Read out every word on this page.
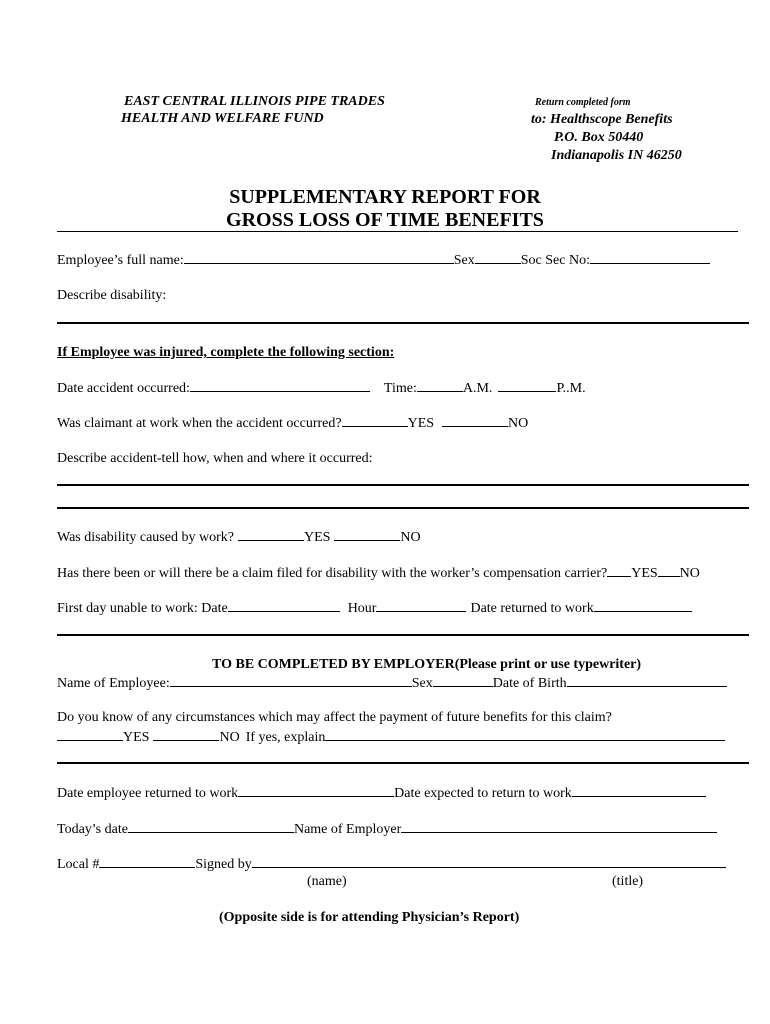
EAST CENTRAL ILLINOIS PIPE TRADES
HEALTH AND WELFARE FUND
Return completed form
to: Healthscope Benefits
P.O. Box 50440
Indianapolis IN 46250
SUPPLEMENTARY REPORT FOR
GROSS LOSS OF TIME BENEFITS
Employee’s full name:	Sex	Soc Sec No:
Describe disability:
If Employee was injured, complete the following section:
Date accident occurred:	Time:	A.M.	P..M.
Was claimant at work when the accident occurred?	YES	NO
Describe accident-tell how, when and where it occurred:
Was disability caused by work?	YES	NO
Has there been or will there be a claim filed for disability with the worker’s compensation carrier? YES NO
First day unable to work: Date	Hour	Date returned to work
TO BE COMPLETED BY EMPLOYER(Please print or use typewriter)
Name of Employee:	Sex	Date of Birth
Do you know of any circumstances which may affect the payment of future benefits for this claim?
YES	NO If yes, explain
Date employee returned to work	Date expected to return to work
Today’s date	Name of Employer
Local #	Signed by
(name)	(title)
(Opposite side is for attending Physician’s Report)
